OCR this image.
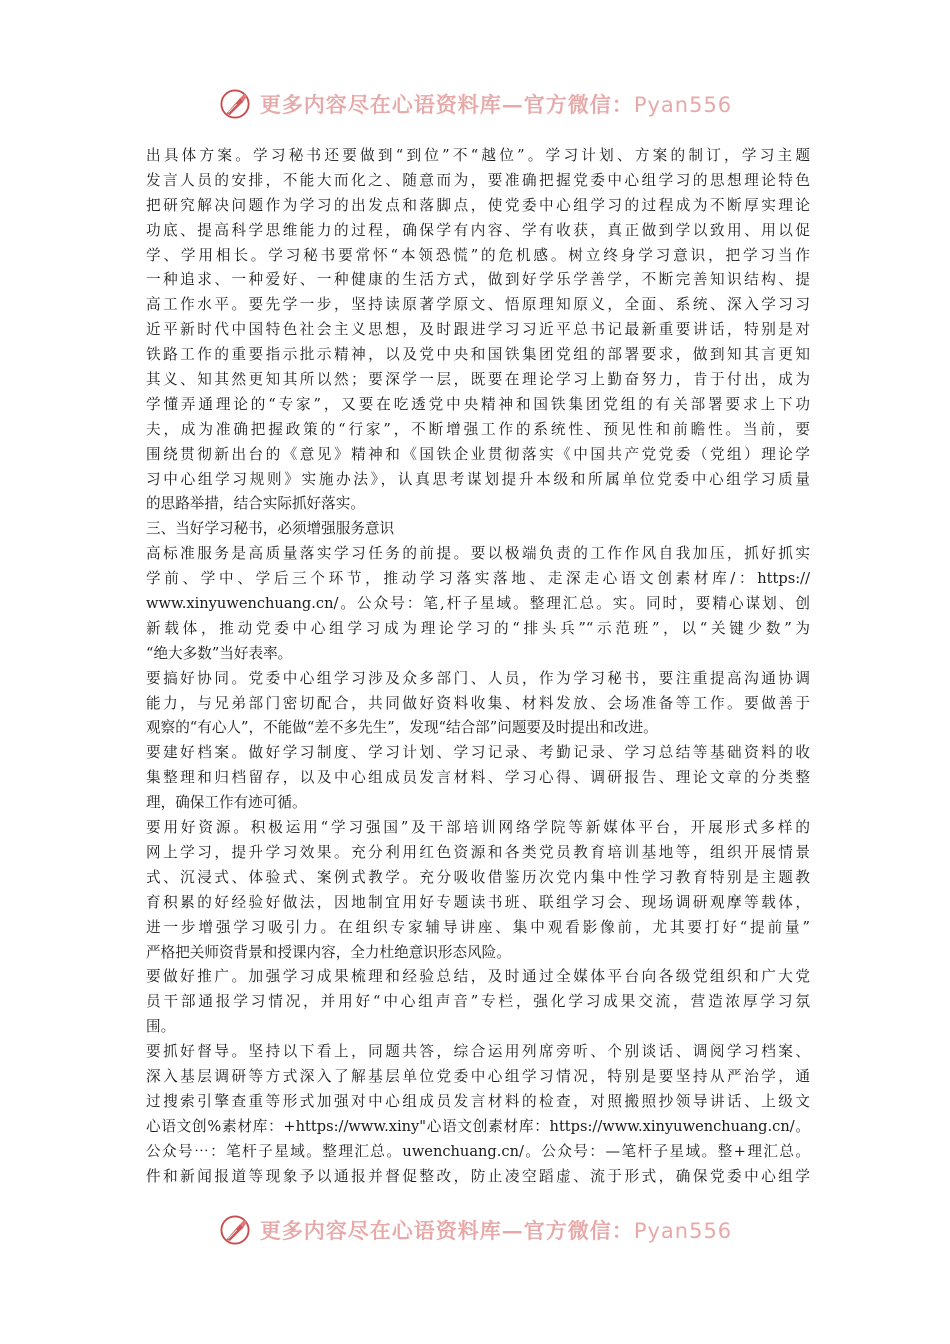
更多内容尽在心语资料库—官方微信：Pyan556
出具体方案。学习秘书还要做到“到位”不“越位”。学习计划、方案的制订，学习主题
发言人员的安排，不能大而化之、随意而为，要准确把握党委中心组学习的思想理论特色
把研究解决问题作为学习的出发点和落脚点，使党委中心组学习的过程成为不断厚实理论
功底、提高科学思维能力的过程，确保学有内容、学有收获，真正做到学以致用、用以促
学、学用相长。学习秘书要常怀“本领恐慌”的危机感。树立终身学习意识，把学习当作
一种追求、一种爱好、一种健康的生活方式，做到好学乐学善学，不断完善知识结构、提
高工作水平。要先学一步，坚持读原著学原文、悟原理知原义，全面、系统、深入学习习
近平新时代中国特色社会主义思想，及时跟进学习习近平总书记最新重要讲话，特别是对
铁路工作的重要指示批示精神，以及党中央和国铁集团党组的部署要求，做到知其言更知
其义、知其然更知其所以然；要深学一层，既要在理论学习上勤奋努力，肯于付出，成为
学懂弄通理论的“专家”，又要在吃透党中央精神和国铁集团党组的有关部署要求上下功
夫，成为准确把握政策的“行家”，不断增强工作的系统性、预见性和前瞻性。当前，要
围绕贯彻新出台的《意见》精神和《国铁企业贯彻落实《中国共产党党委（党组）理论学
习中心组学习规则》实施办法》，认真思考谋划提升本级和所属单位党委中心组学习质量
的思路举措，结合实际抓好落实。
三、当好学习秘书，必须增强服务意识
高标准服务是高质量落实学习任务的前提。要以极端负责的工作作风自我加压，抓好抓实
学前、学中、学后三个环节，推动学习落实落地、走深走心语文创素材库/：https://
www.xinyuwenchuang.cn/。公众号：笔,杆子星域。整理汇总。实。同时，要精心谋划、创
新载体，推动党委中心组学习成为理论学习的“排头兵”“示范班”，以“关键少数”为
“绝大多数”当好表率。
要搞好协同。党委中心组学习涉及众多部门、人员，作为学习秘书，要注重提高沟通协调
能力，与兄弟部门密切配合，共同做好资料收集、材料发放、会场准备等工作。要做善于
观察的“有心人”，不能做“差不多先生”，发现“结合部”问题要及时提出和改进。
要建好档案。做好学习制度、学习计划、学习记录、考勤记录、学习总结等基础资料的收
集整理和归档留存，以及中心组成员发言材料、学习心得、调研报告、理论文章的分类整
理，确保工作有迹可循。
要用好资源。积极运用“学习强国”及干部培训网络学院等新媒体平台，开展形式多样的
网上学习，提升学习效果。充分利用红色资源和各类党员教育培训基地等，组织开展情景
式、沉浸式、体验式、案例式教学。充分吸收借鉴历次党内集中性学习教育特别是主题教
育积累的好经验好做法，因地制宜用好专题读书班、联组学习会、现场调研观摩等载体，
进一步增强学习吸引力。在组织专家辅导讲座、集中观看影像前，尤其要打好“提前量”
严格把关师资背景和授课内容，全力杜绝意识形态风险。
要做好推广。加强学习成果梳理和经验总结，及时通过全媒体平台向各级党组织和广大党
员干部通报学习情况，并用好“中心组声音”专栏，强化学习成果交流，营造浓厚学习氛
围。
要抓好督导。坚持以下看上，同题共答，综合运用列席旁听、个别谈话、调阅学习档案、
深入基层调研等方式深入了解基层单位党委中心组学习情况，特别是要坚持从严治学，通
过搜索引擎查重等形式加强对中心组成员发言材料的检查，对照搬照抄领导讲话、上级文
心语文创%素材库：+https://www.xiny"心语文创素材库：https://www.xinyuwenchuang.cn/。
公众号⋯：笔杆子星域。整理汇总。uwenchuang.cn/。公众号：—笔杆子星域。整+理汇总。
件和新闻报道等现象予以通报并督促整改，防止凌空蹈虚、流于形式，确保党委中心组学
更多内容尽在心语资料库—官方微信：Pyan556
